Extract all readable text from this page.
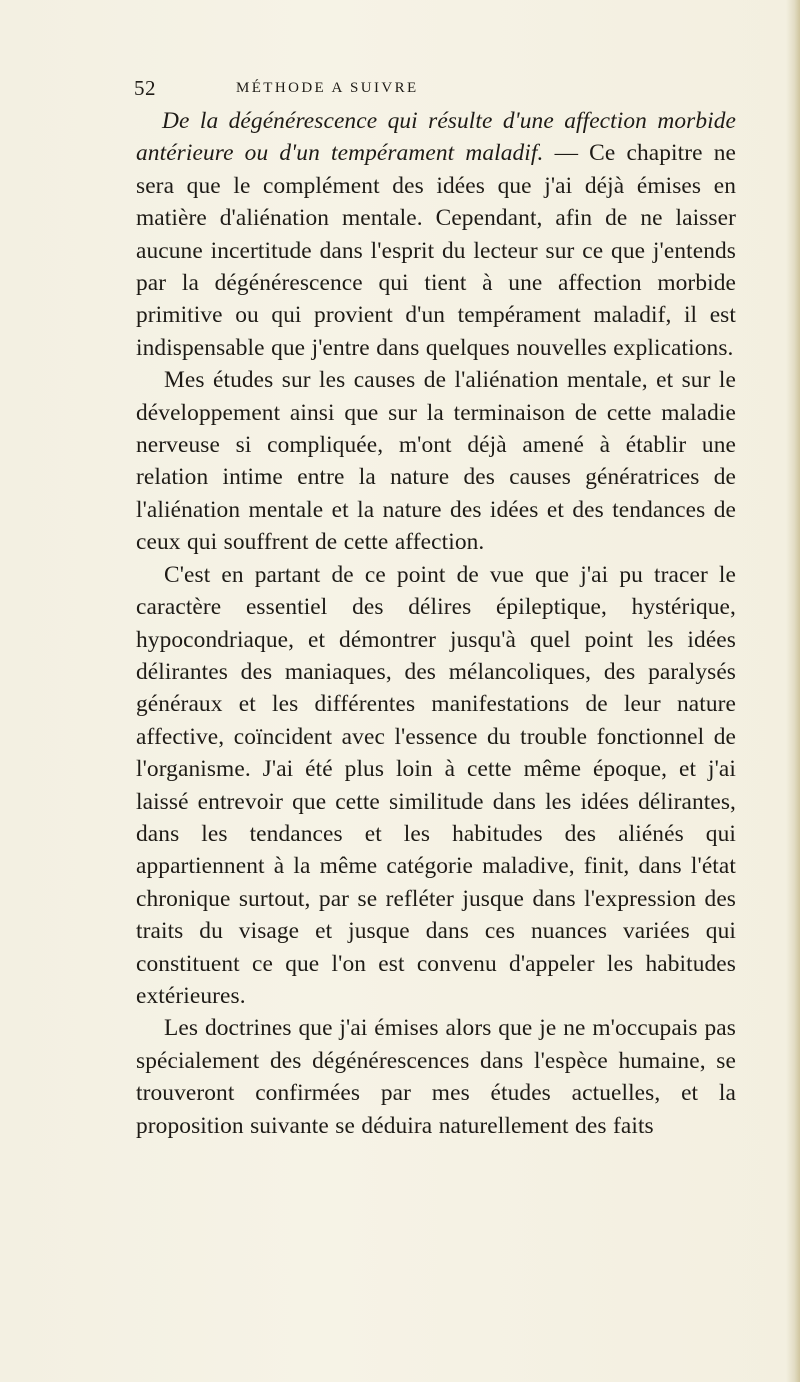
52	MÉTHODE A SUIVRE

De la dégénérescence qui résulte d'une affection morbide antérieure ou d'un tempérament maladif. — Ce chapitre ne sera que le complément des idées que j'ai déjà émises en matière d'aliénation mentale. Cependant, afin de ne laisser aucune incertitude dans l'esprit du lecteur sur ce que j'entends par la dégénérescence qui tient à une affection morbide primitive ou qui provient d'un tempérament maladif, il est indispensable que j'entre dans quelques nouvelles explications.

Mes études sur les causes de l'aliénation mentale, et sur le développement ainsi que sur la terminaison de cette maladie nerveuse si compliquée, m'ont déjà amené à établir une relation intime entre la nature des causes génératrices de l'aliénation mentale et la nature des idées et des tendances de ceux qui souffrent de cette affection.

C'est en partant de ce point de vue que j'ai pu tracer le caractère essentiel des délires épileptique, hystérique, hypocondriaque, et démontrer jusqu'à quel point les idées délirantes des maniaques, des mélancoliques, des paralysés généraux et les différentes manifestations de leur nature affective, coïncident avec l'essence du trouble fonctionnel de l'organisme. J'ai été plus loin à cette même époque, et j'ai laissé entrevoir que cette similitude dans les idées délirantes, dans les tendances et les habitudes des aliénés qui appartiennent à la même catégorie maladive, finit, dans l'état chronique surtout, par se refléter jusque dans l'expression des traits du visage et jusque dans ces nuances variées qui constituent ce que l'on est convenu d'appeler les habitudes extérieures.

Les doctrines que j'ai émises alors que je ne m'occupais pas spécialement des dégénérescences dans l'espèce humaine, se trouveront confirmées par mes études actuelles, et la proposition suivante se déduira naturellement des faits
